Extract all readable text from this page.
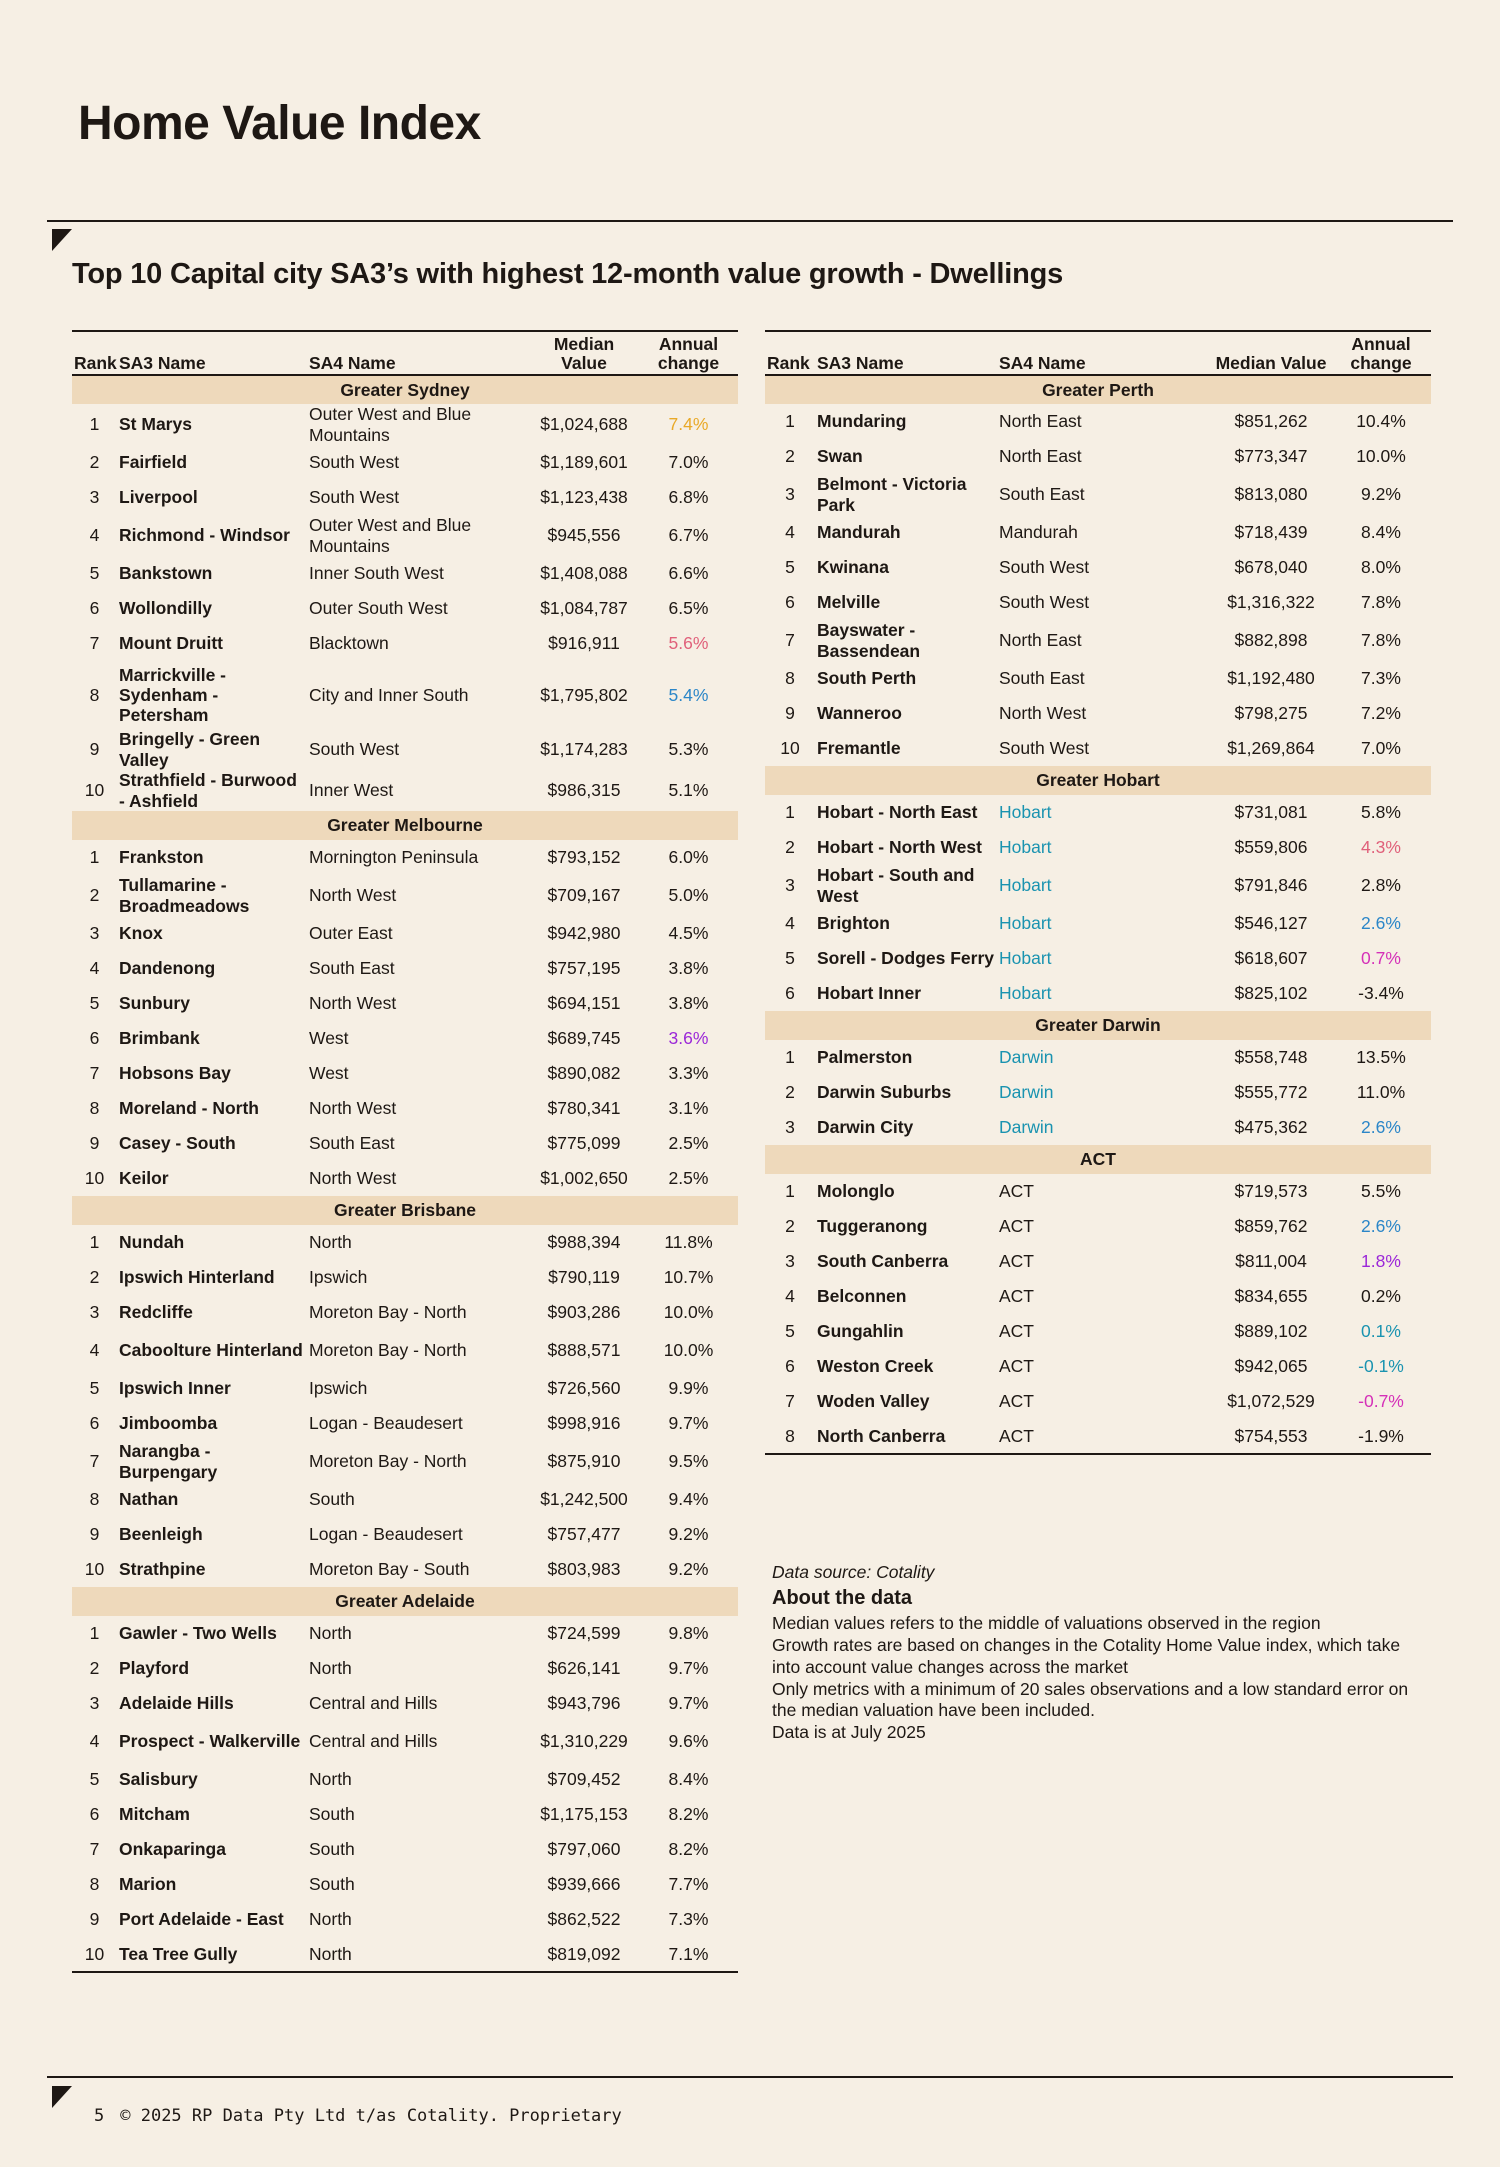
Home Value Index
Top 10 Capital city SA3’s with highest 12-month value growth - Dwellings
Rank	SA3 Name	SA4 Name	Median Value	Annual change
Greater Sydney				
1	St Marys	Outer West and Blue Mountains	$1,024,688	7.4%
2	Fairfield	South West	$1,189,601	7.0%
3	Liverpool	South West	$1,123,438	6.8%
4	Richmond - Windsor	Outer West and Blue Mountains	$945,556	6.7%
5	Bankstown	Inner South West	$1,408,088	6.6%
6	Wollondilly	Outer South West	$1,084,787	6.5%
7	Mount Druitt	Blacktown	$916,911	5.6%
8	Marrickville - Sydenham - Petersham	City and Inner South	$1,795,802	5.4%
9	Bringelly - Green Valley	South West	$1,174,283	5.3%
10	Strathfield - Burwood - Ashfield	Inner West	$986,315	5.1%
Greater Melbourne				
1	Frankston	Mornington Peninsula	$793,152	6.0%
2	Tullamarine - Broadmeadows	North West	$709,167	5.0%
3	Knox	Outer East	$942,980	4.5%
4	Dandenong	South East	$757,195	3.8%
5	Sunbury	North West	$694,151	3.8%
6	Brimbank	West	$689,745	3.6%
7	Hobsons Bay	West	$890,082	3.3%
8	Moreland - North	North West	$780,341	3.1%
9	Casey - South	South East	$775,099	2.5%
10	Keilor	North West	$1,002,650	2.5%
Greater Brisbane				
1	Nundah	North	$988,394	11.8%
2	Ipswich Hinterland	Ipswich	$790,119	10.7%
3	Redcliffe	Moreton Bay - North	$903,286	10.0%
4	Caboolture Hinterland	Moreton Bay - North	$888,571	10.0%
5	Ipswich Inner	Ipswich	$726,560	9.9%
6	Jimboomba	Logan - Beaudesert	$998,916	9.7%
7	Narangba - Burpengary	Moreton Bay - North	$875,910	9.5%
8	Nathan	South	$1,242,500	9.4%
9	Beenleigh	Logan - Beaudesert	$757,477	9.2%
10	Strathpine	Moreton Bay - South	$803,983	9.2%
Greater Adelaide				
1	Gawler - Two Wells	North	$724,599	9.8%
2	Playford	North	$626,141	9.7%
3	Adelaide Hills	Central and Hills	$943,796	9.7%
4	Prospect - Walkerville	Central and Hills	$1,310,229	9.6%
5	Salisbury	North	$709,452	8.4%
6	Mitcham	South	$1,175,153	8.2%
7	Onkaparinga	South	$797,060	8.2%
8	Marion	South	$939,666	7.7%
9	Port Adelaide - East	North	$862,522	7.3%
10	Tea Tree Gully	North	$819,092	7.1%
Rank	SA3 Name	SA4 Name	Median Value	Annual change
Greater Perth				
1	Mundaring	North East	$851,262	10.4%
2	Swan	North East	$773,347	10.0%
3	Belmont - Victoria Park	South East	$813,080	9.2%
4	Mandurah	Mandurah	$718,439	8.4%
5	Kwinana	South West	$678,040	8.0%
6	Melville	South West	$1,316,322	7.8%
7	Bayswater - Bassendean	North East	$882,898	7.8%
8	South Perth	South East	$1,192,480	7.3%
9	Wanneroo	North West	$798,275	7.2%
10	Fremantle	South West	$1,269,864	7.0%
Greater Hobart				
1	Hobart - North East	Hobart	$731,081	5.8%
2	Hobart - North West	Hobart	$559,806	4.3%
3	Hobart - South and West	Hobart	$791,846	2.8%
4	Brighton	Hobart	$546,127	2.6%
5	Sorell - Dodges Ferry	Hobart	$618,607	0.7%
6	Hobart Inner	Hobart	$825,102	-3.4%
Greater Darwin				
1	Palmerston	Darwin	$558,748	13.5%
2	Darwin Suburbs	Darwin	$555,772	11.0%
3	Darwin City	Darwin	$475,362	2.6%
ACT				
1	Molonglo	ACT	$719,573	5.5%
2	Tuggeranong	ACT	$859,762	2.6%
3	South Canberra	ACT	$811,004	1.8%
4	Belconnen	ACT	$834,655	0.2%
5	Gungahlin	ACT	$889,102	0.1%
6	Weston Creek	ACT	$942,065	-0.1%
7	Woden Valley	ACT	$1,072,529	-0.7%
8	North Canberra	ACT	$754,553	-1.9%

Data source: Cotality

About the data

Median values refers to the middle of valuations observed in the region

Growth rates are based on changes in the Cotality Home Value index, which take into account value changes across the market

Only metrics with a minimum of 20 sales observations and a low standard error on the median valuation have been included.

Data is at July 2025

5 © 2025 RP Data Pty Ltd t/as Cotality. Proprietary
